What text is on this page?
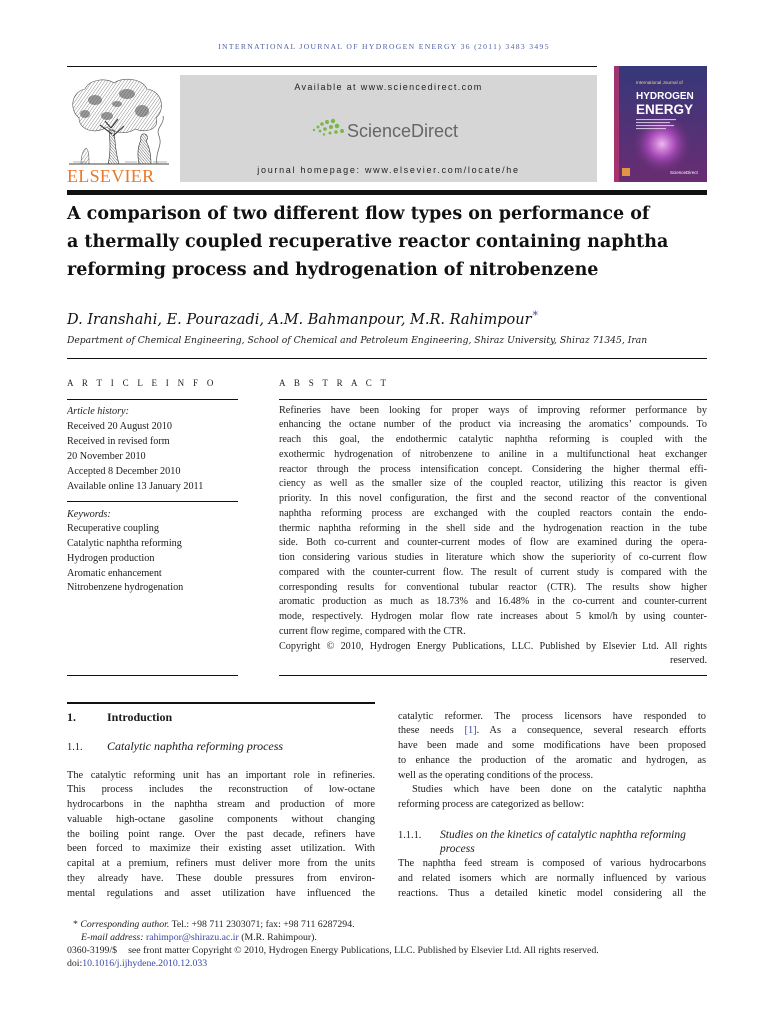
INTERNATIONAL JOURNAL OF HYDROGEN ENERGY 36 (2011) 3483 3495
ELSEVIER
Available at www.sciencedirect.com
ScienceDirect
journal homepage: www.elsevier.com/locate/he
International Journal of
HYDROGEN
ENERGY
ScienceDirect
A comparison of two different flow types on performance of
a thermally coupled recuperative reactor containing naphtha
reforming process and hydrogenation of nitrobenzene
D. Iranshahi, E. Pourazadi, A.M. Bahmanpour, M.R. Rahimpour*
Department of Chemical Engineering, School of Chemical and Petroleum Engineering, Shiraz University, Shiraz 71345, Iran
A R T I C L E I N F O	A B S T R A C T
Article history:
Received 20 August 2010
Received in revised form
20 November 2010
Accepted 8 December 2010
Available online 13 January 2011
Keywords:
Recuperative coupling
Catalytic naphtha reforming
Hydrogen production
Aromatic enhancement
Nitrobenzene hydrogenation
Refineries have been looking for proper ways of improving reformer performance by
enhancing the octane number of the product via increasing the aromatics’ compounds. To
reach this goal, the endothermic catalytic naphtha reforming is coupled with the
exothermic hydrogenation of nitrobenzene to aniline in a multifunctional heat exchanger
reactor through the process intensification concept. Considering the higher thermal effi-
ciency as well as the smaller size of the coupled reactor, utilizing this reactor is given
priority. In this novel configuration, the first and the second reactor of the conventional
naphtha reforming process are exchanged with the coupled reactors contain the endo-
thermic naphtha reforming in the shell side and the hydrogenation reaction in the tube
side. Both co-current and counter-current modes of flow are examined during the opera-
tion considering various studies in literature which show the superiority of co-current flow
compared with the counter-current flow. The result of current study is compared with the
corresponding results for conventional tubular reactor (CTR). The results show higher
aromatic production as much as 18.73% and 16.48% in the co-current and counter-current
mode, respectively. Hydrogen molar flow rate increases about 5 kmol/h by using counter-
current flow regime, compared with the CTR.
Copyright © 2010, Hydrogen Energy Publications, LLC. Published by Elsevier Ltd. All rights
reserved.
1.	Introduction
1.1. Catalytic naphtha reforming process
The catalytic reforming unit has an important role in refineries.
This process includes the reconstruction of low-octane
hydrocarbons in the naphtha stream and production of more
valuable high-octane gasoline components without changing
the boiling point range. Over the past decade, refiners have
been forced to maximize their existing asset utilization. With
capital at a premium, refiners must deliver more from the units
they already have. These double pressures from environ-
mental regulations and asset utilization have influenced the
catalytic reformer. The process licensors have responded to
these needs [1]. As a consequence, several research efforts
have been made and some modifications have been proposed
to enhance the production of the aromatic and hydrogen, as
well as the operating conditions of the process.
Studies which have been done on the catalytic naphtha
reforming process are categorized as bellow:
1.1.1. Studies on the kinetics of catalytic naphtha reforming
process
The naphtha feed stream is composed of various hydrocarbons
and related isomers which are normally influenced by various
reactions. Thus a detailed kinetic model considering all the
* Corresponding author. Tel.: +98 711 2303071; fax: +98 711 6287294.
E-mail address: rahimpor@shirazu.ac.ir (M.R. Rahimpour).
0360-3199/$ see front matter Copyright © 2010, Hydrogen Energy Publications, LLC. Published by Elsevier Ltd. All rights reserved.
doi:10.1016/j.ijhydene.2010.12.033
